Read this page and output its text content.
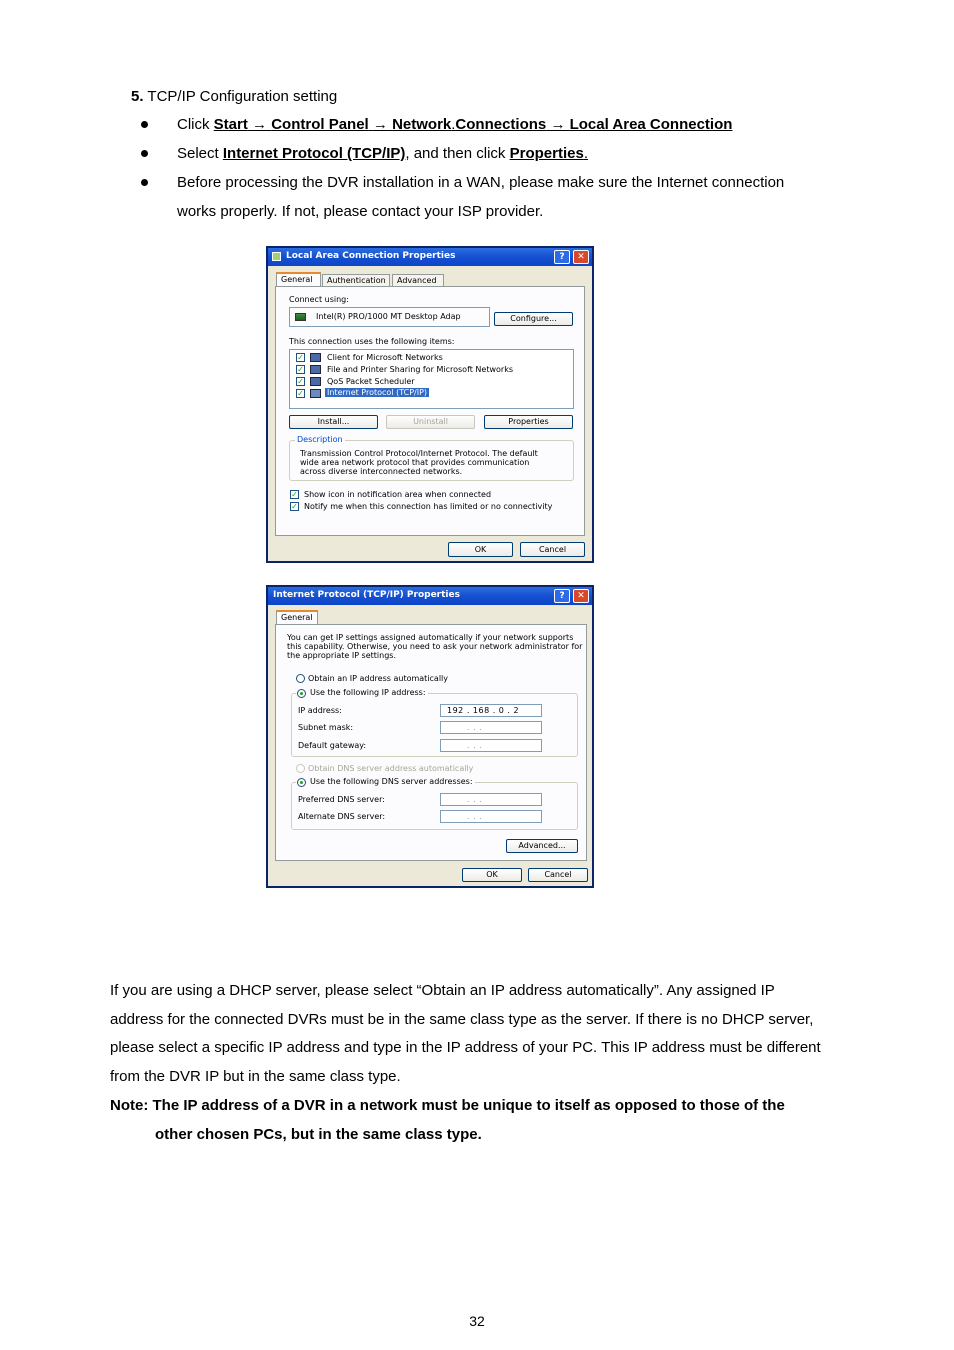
5. TCP/IP Configuration setting
Click Start → Control Panel → Network.Connections → Local Area Connection
Select Internet Protocol (TCP/IP), and then click Properties.
Before processing the DVR installation in a WAN, please make sure the Internet connection
works properly. If not, please contact your ISP provider.
Local Area Connection Properties	?	✕
General	Authentication	Advanced
Connect using:
Intel(R) PRO/1000 MT Desktop Adap	Configure...
This connection uses the following items:
✓	Client for Microsoft Networks
✓	File and Printer Sharing for Microsoft Networks
✓	QoS Packet Scheduler
✓	Internet Protocol (TCP/IP)
Install...	Uninstall	Properties
Description
Transmission Control Protocol/Internet Protocol. The default
wide area network protocol that provides communication
across diverse interconnected networks.
✓ Show icon in notification area when connected
✓ Notify me when this connection has limited or no connectivity
OK	Cancel
Internet Protocol (TCP/IP) Properties	?	✕
General
You can get IP settings assigned automatically if your network supports
this capability. Otherwise, you need to ask your network administrator for
the appropriate IP settings.
Obtain an IP address automatically
Use the following IP address:
IP address:	192 . 168 . 0 . 2
Subnet mask:	. . .
Default gateway:	. . .
Obtain DNS server address automatically
Use the following DNS server addresses:
Preferred DNS server:	. . .
Alternate DNS server:	. . .
Advanced...
OK	Cancel
If you are using a DHCP server, please select “Obtain an IP address automatically”. Any assigned IP
address for the connected DVRs must be in the same class type as the server. If there is no DHCP server,
please select a specific IP address and type in the IP address of your PC. This IP address must be different
from the DVR IP but in the same class type.
Note: The IP address of a DVR in a network must be unique to itself as opposed to those of the
other chosen PCs, but in the same class type.
32
